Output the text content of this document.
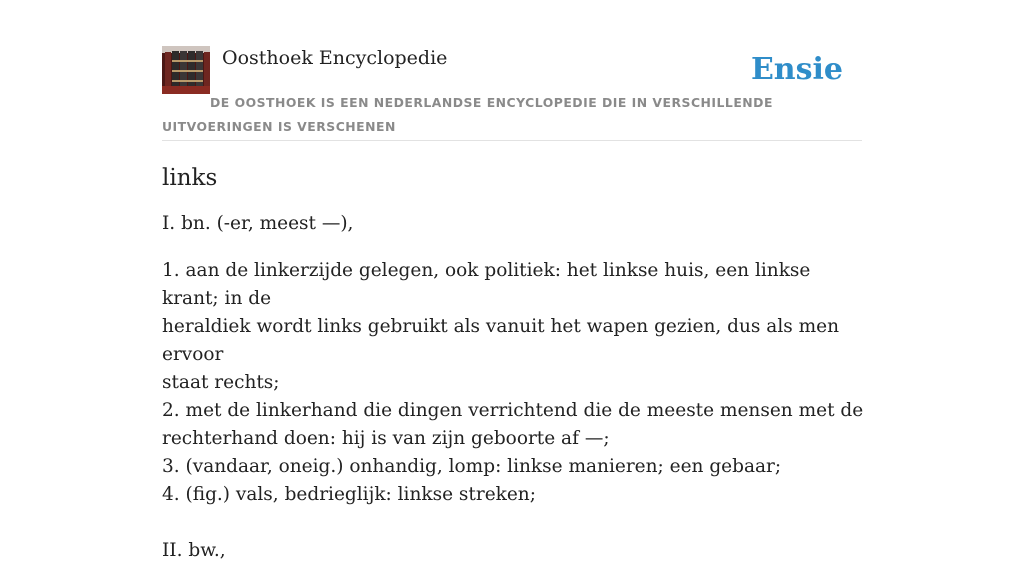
Oosthoek Encyclopedie	Ensie
DE OOSTHOEK IS EEN NEDERLANDSE ENCYCLOPEDIE DIE IN VERSCHILLENDE UITVOERINGEN IS VERSCHENEN
links
I. bn. (-er, meest —),
1. aan de linkerzijde gelegen, ook politiek: het linkse huis, een linkse krant; in de
heraldiek wordt links gebruikt als vanuit het wapen gezien, dus als men ervoor
staat rechts;
2. met de linkerhand die dingen verrichtend die de meeste mensen met de
rechterhand doen: hij is van zijn geboorte af —;
3. (vandaar, oneig.) onhandig, lomp: linkse manieren; een gebaar;
4. (fig.) vals, bedrieglijk: linkse streken;
II. bw.,
